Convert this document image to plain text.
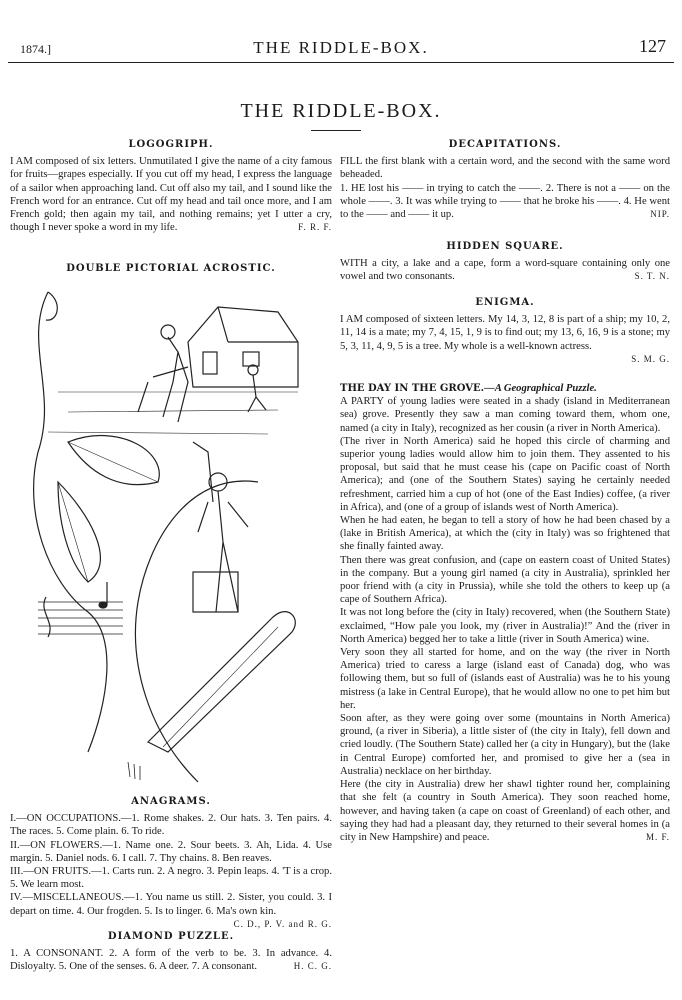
1874.]	THE RIDDLE-BOX.	127
THE RIDDLE-BOX.
LOGOGRIPH.

I AM composed of six letters. Unmutilated I give the name of a city famous for fruits—grapes especially. If you cut off my head, I express the language of a sailor when approaching land. Cut off also my tail, and I sound like the French word for an entrance. Cut off my head and tail once more, and I am French gold; then again my tail, and nothing remains; yet I utter a cry, though I never spoke a word in my life.	F. R. F.

DOUBLE PICTORIAL ACROSTIC.
ANAGRAMS.

I.—ON OCCUPATIONS.—1. Rome shakes. 2. Our hats. 3. Ten pairs. 4. The races. 5. Come plain. 6. To ride.

II.—ON FLOWERS.—1. Name one. 2. Sour beets. 3. Ah, Lida. 4. Use margin. 5. Daniel nods. 6. I call. 7. Thy chains. 8. Ben reaves.

III.—ON FRUITS.—1. Carts run. 2. A negro. 3. Pepin leaps. 4. 'T is a crop. 5. We learn most.

IV.—MISCELLANEOUS.—1. You name us still. 2. Sister, you could. 3. I depart on time. 4. Our frogden. 5. Is to linger. 6. Ma's own kin.

C. D., P. V. and R. G.
DIAMOND PUZZLE.

1. A CONSONANT. 2. A form of the verb to be. 3. In advance. 4. Disloyalty. 5. One of the senses. 6. A deer. 7. A consonant.	H. C. G.

DECAPITATIONS.

FILL the first blank with a certain word, and the second with the same word beheaded.

1. HE lost his —— in trying to catch the ——. 2. There is not a —— on the whole ——. 3. It was while trying to —— that he broke his ——. 4. He went to the —— and —— it up.	NIP.

HIDDEN SQUARE.

WITH a city, a lake and a cape, form a word-square containing only one vowel and two consonants.	S. T. N.

ENIGMA.

I AM composed of sixteen letters. My 14, 3, 12, 8 is part of a ship; my 10, 2, 11, 14 is a mate; my 7, 4, 15, 1, 9 is to find out; my 13, 6, 16, 9 is a stone; my 5, 3, 11, 4, 9, 5 is a tree. My whole is a well-known actress.

S. M. G.

THE DAY IN THE GROVE.—A Geographical Puzzle.

A PARTY of young ladies were seated in a shady (island in Mediterranean sea) grove. Presently they saw a man coming toward them, whom one, named (a city in Italy), recognized as her cousin (a river in North America).

(The river in North America) said he hoped this circle of charming and superior young ladies would allow him to join them. They assented to his proposal, but said that he must cease his (cape on Pacific coast of North America); and (one of the Southern States) saying he certainly needed refreshment, carried him a cup of hot (one of the East Indies) coffee, (a river in Africa), and (one of a group of islands west of North America).

When he had eaten, he began to tell a story of how he had been chased by a (lake in British America), at which the (city in Italy) was so frightened that she finally fainted away.

Then there was great confusion, and (cape on eastern coast of United States) in the company. But a young girl named (a city in Australia), sprinkled her poor friend with (a city in Prussia), while she told the others to keep up (a cape of Southern Africa).

It was not long before the (city in Italy) recovered, when (the Southern State) exclaimed, “How pale you look, my (river in Australia)!” And the (river in North America) begged her to take a little (river in South America) wine.

Very soon they all started for home, and on the way (the river in North America) tried to caress a large (island east of Canada) dog, who was following them, but so full of (islands east of Australia) was he to his young mistress (a lake in Central Europe), that he would allow no one to pet him but her.

Soon after, as they were going over some (mountains in North America) ground, (a river in Siberia), a little sister of (the city in Italy), fell down and cried loudly. (The Southern State) called her (a city in Hungary), but the (lake in Central Europe) comforted her, and promised to give her a (sea in Australia) necklace on her birthday.

Here (the city in Australia) drew her shawl tighter round her, complaining that she felt (a country in South America). They soon reached home, however, and having taken (a cape on coast of Greenland) of each other, and saying they had had a pleasant day, they returned to their several homes in (a city in New Hampshire) and peace.	M. F.
